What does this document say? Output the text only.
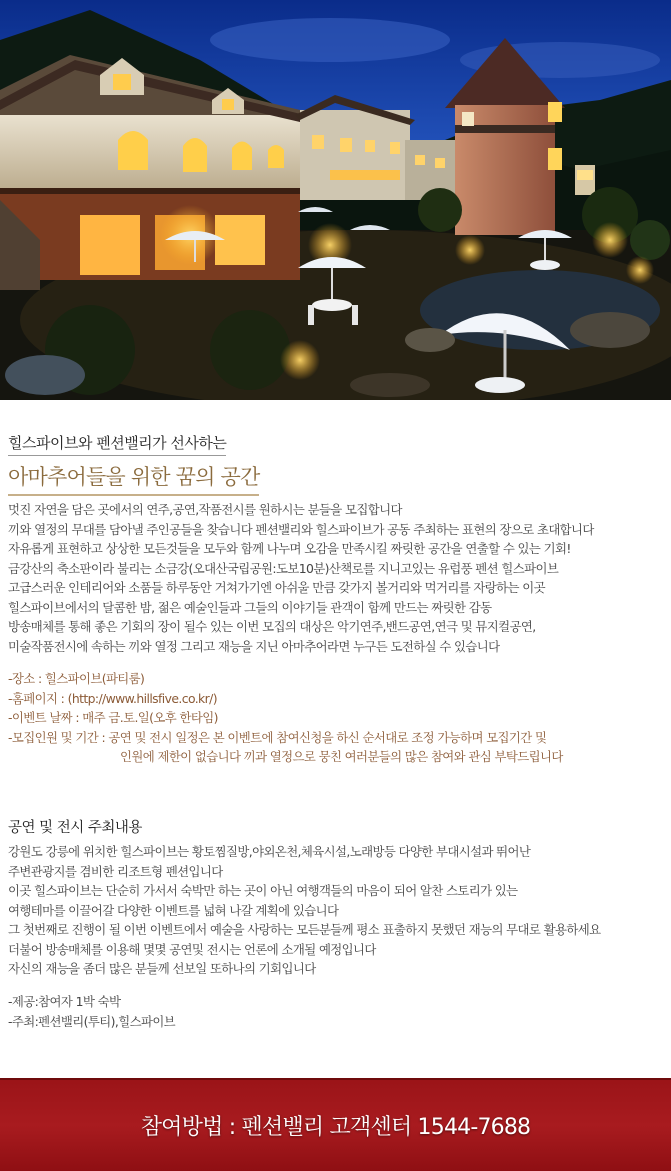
힐스파이브와 펜션밸리가 선사하는
아마추어들을 위한 꿈의 공간
멋진 자연을 담은 곳에서의 연주,공연,작품전시를 원하시는 분들을 모집합니다
끼와 열정의 무대를 담아낼 주인공들을 찾습니다 펜션밸리와 힐스파이브가 공동 주최하는 표현의 장으로 초대합니다
자유롭게 표현하고 상상한 모든것들을 모두와 함께 나누며 오감을 만족시킬 짜릿한 공간을 연출할 수 있는 기회!
금강산의 축소판이라 불리는 소금강(오대산국립공원:도보10분)산책로를 지니고있는 유럽풍 펜션 힐스파이브
고급스러운 인테리어와 소품들 하루동안 거쳐가기엔 아쉬울 만큼 갖가지 볼거리와 먹거리를 자랑하는 이곳
힐스파이브에서의 달콤한 밤, 젊은 예술인들과 그들의 이야기들 관객이 함께 만드는 짜릿한 감동
방송매체를 통해 좋은 기회의 장이 될수 있는 이번 모집의 대상은 악기연주,밴드공연,연극 및 뮤지컬공연,
미술작품전시에 속하는 끼와 열정 그리고 재능을 지닌 아마추어라면 누구든 도전하실 수 있습니다
-장소 : 힐스파이브(파티룸)
-홈페이지 : (http://www.hillsfive.co.kr/)
-이벤트 날짜 : 매주 금.토.일(오후 한타임)
-모집인원 및 기간 : 공연 및 전시 일정은 본 이벤트에 참여신청을 하신 순서대로 조정 가능하며 모집기간 및
인원에 제한이 없습니다 끼과 열정으로 뭉친 여러분들의 많은 참여와 관심 부탁드립니다
공연 및 전시 주최내용
강원도 강릉에 위치한 힐스파이브는 황토찜질방,야외온천,체육시설,노래방등 다양한 부대시설과 뛰어난
주변관광지를 겸비한 리조트형 펜션입니다
이곳 힐스파이브는 단순히 가서서 숙박만 하는 곳이 아닌 여행객들의 마음이 되어 알찬 스토리가 있는
여행테마를 이끌어갈 다양한 이벤트를 넓혀 나갈 계획에 있습니다
그 첫번째로 진행이 될 이번 이벤트에서 예술을 사랑하는 모든분들께 평소 표출하지 못했던 재능의 무대로 활용하세요
더불어 방송매체를 이용해 몇몇 공연및 전시는 언론에 소개될 예정입니다
자신의 재능을 좀더 많은 분들께 선보일 또하나의 기회입니다
-제공:참여자 1박 숙박
-주최:펜션밸리(투티),힐스파이브
참여방법 : 펜션밸리 고객센터 1544-7688
